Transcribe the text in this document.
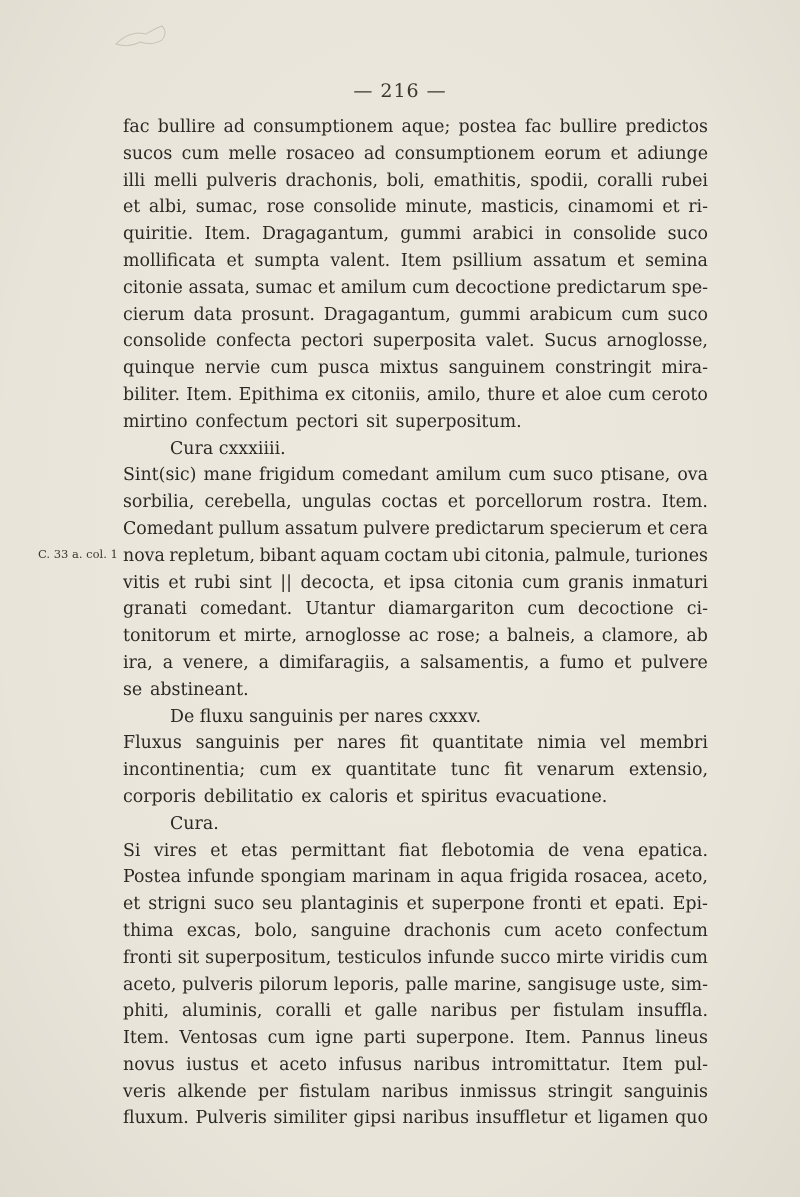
— 216 —
C. 33 a. col. 1
fac bullire ad consumptionem aque; postea fac bullire predictos
sucos cum melle rosaceo ad consumptionem eorum et adiunge
illi melli pulveris drachonis, boli, emathitis, spodii, coralli rubei
et albi, sumac, rose consolide minute, masticis, cinamomi et ri-
quiritie. Item. Dragagantum, gummi arabici in consolide suco
mollificata et sumpta valent. Item psillium assatum et semina
citonie assata, sumac et amilum cum decoctione predictarum spe-
cierum data prosunt. Dragagantum, gummi arabicum cum suco
consolide confecta pectori superposita valet. Sucus arnoglosse,
quinque nervie cum pusca mixtus sanguinem constringit mira-
biliter. Item. Epithima ex citoniis, amilo, thure et aloe cum ceroto
mirtino confectum pectori sit superpositum.
Cura cxxxiiii.
Sint(sic) mane frigidum comedant amilum cum suco ptisane, ova
sorbilia, cerebella, ungulas coctas et porcellorum rostra. Item.
Comedant pullum assatum pulvere predictarum specierum et cera
nova repletum, bibant aquam coctam ubi citonia, palmule, turiones
vitis et rubi sint || decocta, et ipsa citonia cum granis inmaturi
granati comedant. Utantur diamargariton cum decoctione ci-
tonitorum et mirte, arnoglosse ac rose; a balneis, a clamore, ab
ira, a venere, a dimifaragiis, a salsamentis, a fumo et pulvere
se abstineant.
De fluxu sanguinis per nares cxxxv.
Fluxus sanguinis per nares fit quantitate nimia vel membri
incontinentia; cum ex quantitate tunc fit venarum extensio,
corporis debilitatio ex caloris et spiritus evacuatione.
Cura.
Si vires et etas permittant fiat flebotomia de vena epatica.
Postea infunde spongiam marinam in aqua frigida rosacea, aceto,
et strigni suco seu plantaginis et superpone fronti et epati. Epi-
thima excas, bolo, sanguine drachonis cum aceto confectum
fronti sit superpositum, testiculos infunde succo mirte viridis cum
aceto, pulveris pilorum leporis, palle marine, sangisuge uste, sim-
phiti, aluminis, coralli et galle naribus per fistulam insuffla.
Item. Ventosas cum igne parti superpone. Item. Pannus lineus
novus iustus et aceto infusus naribus intromittatur. Item pul-
veris alkende per fistulam naribus inmissus stringit sanguinis
fluxum. Pulveris similiter gipsi naribus insuffletur et ligamen quo
